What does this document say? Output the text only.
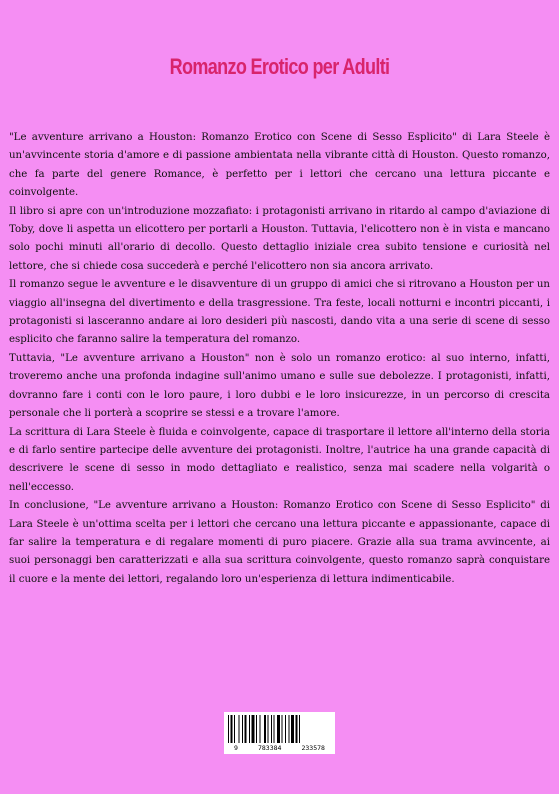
Romanzo Erotico per Adulti

"Le avventure arrivano a Houston: Romanzo Erotico con Scene di Sesso Esplicito" di Lara Steele è un'avvincente storia d'amore e di passione ambientata nella vibrante città di Houston. Questo romanzo, che fa parte del genere Romance, è perfetto per i lettori che cercano una lettura piccante e coinvolgente.

Il libro si apre con un'introduzione mozzafiato: i protagonisti arrivano in ritardo al campo d'aviazione di Toby, dove li aspetta un elicottero per portarli a Houston. Tuttavia, l'elicottero non è in vista e mancano solo pochi minuti all'orario di decollo. Questo dettaglio iniziale crea subito tensione e curiosità nel lettore, che si chiede cosa succederà e perché l'elicottero non sia ancora arrivato.

Il romanzo segue le avventure e le disavventure di un gruppo di amici che si ritrovano a Houston per un viaggio all'insegna del divertimento e della trasgressione. Tra feste, locali notturni e incontri piccanti, i protagonisti si lasceranno andare ai loro desideri più nascosti, dando vita a una serie di scene di sesso esplicito che faranno salire la temperatura del romanzo.

Tuttavia, "Le avventure arrivano a Houston" non è solo un romanzo erotico: al suo interno, infatti, troveremo anche una profonda indagine sull'animo umano e sulle sue debolezze. I protagonisti, infatti, dovranno fare i conti con le loro paure, i loro dubbi e le loro insicurezze, in un percorso di crescita personale che li porterà a scoprire se stessi e a trovare l'amore.

La scrittura di Lara Steele è fluida e coinvolgente, capace di trasportare il lettore all'interno della storia e di farlo sentire partecipe delle avventure dei protagonisti. Inoltre, l'autrice ha una grande capacità di descrivere le scene di sesso in modo dettagliato e realistico, senza mai scadere nella volgarità o nell'eccesso.

In conclusione, "Le avventure arrivano a Houston: Romanzo Erotico con Scene di Sesso Esplicito" di Lara Steele è un'ottima scelta per i lettori che cercano una lettura piccante e appassionante, capace di far salire la temperatura e di regalare momenti di puro piacere. Grazie alla sua trama avvincente, ai suoi personaggi ben caratterizzati e alla sua scrittura coinvolgente, questo romanzo saprà conquistare il cuore e la mente dei lettori, regalando loro un'esperienza di lettura indimenticabile.

9	783384	233578
